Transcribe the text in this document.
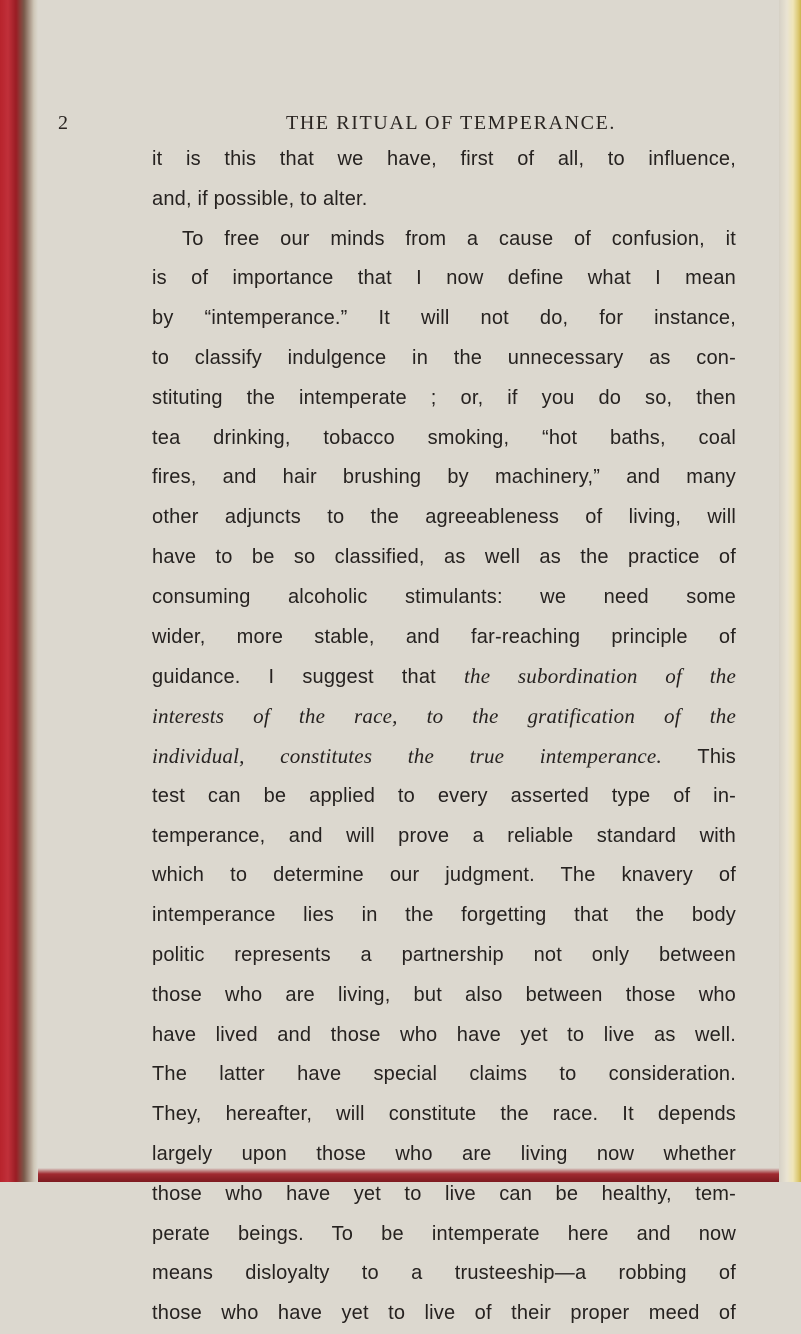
2	THE RITUAL OF TEMPERANCE.
it is this that we have, first of all, to influence,
and, if possible, to alter.
To free our minds from a cause of confusion, it
is of importance that I now define what I mean
by “intemperance.” It will not do, for instance,
to classify indulgence in the unnecessary as con-
stituting the intemperate ; or, if you do so, then
tea drinking, tobacco smoking, “hot baths, coal
fires, and hair brushing by machinery,” and many
other adjuncts to the agreeableness of living, will
have to be so classified, as well as the practice of
consuming alcoholic stimulants: we need some
wider, more stable, and far-reaching principle of
guidance. I suggest that the subordination of the
interests of the race, to the gratification of the
individual, constitutes the true intemperance. This
test can be applied to every asserted type of in-
temperance, and will prove a reliable standard with
which to determine our judgment. The knavery of
intemperance lies in the forgetting that the body
politic represents a partnership not only between
those who are living, but also between those who
have lived and those who have yet to live as well.
The latter have special claims to consideration.
They, hereafter, will constitute the race. It depends
largely upon those who are living now whether
those who have yet to live can be healthy, tem-
perate beings. To be intemperate here and now
means disloyalty to a trusteeship—a robbing of
those who have yet to live of their proper meed of
